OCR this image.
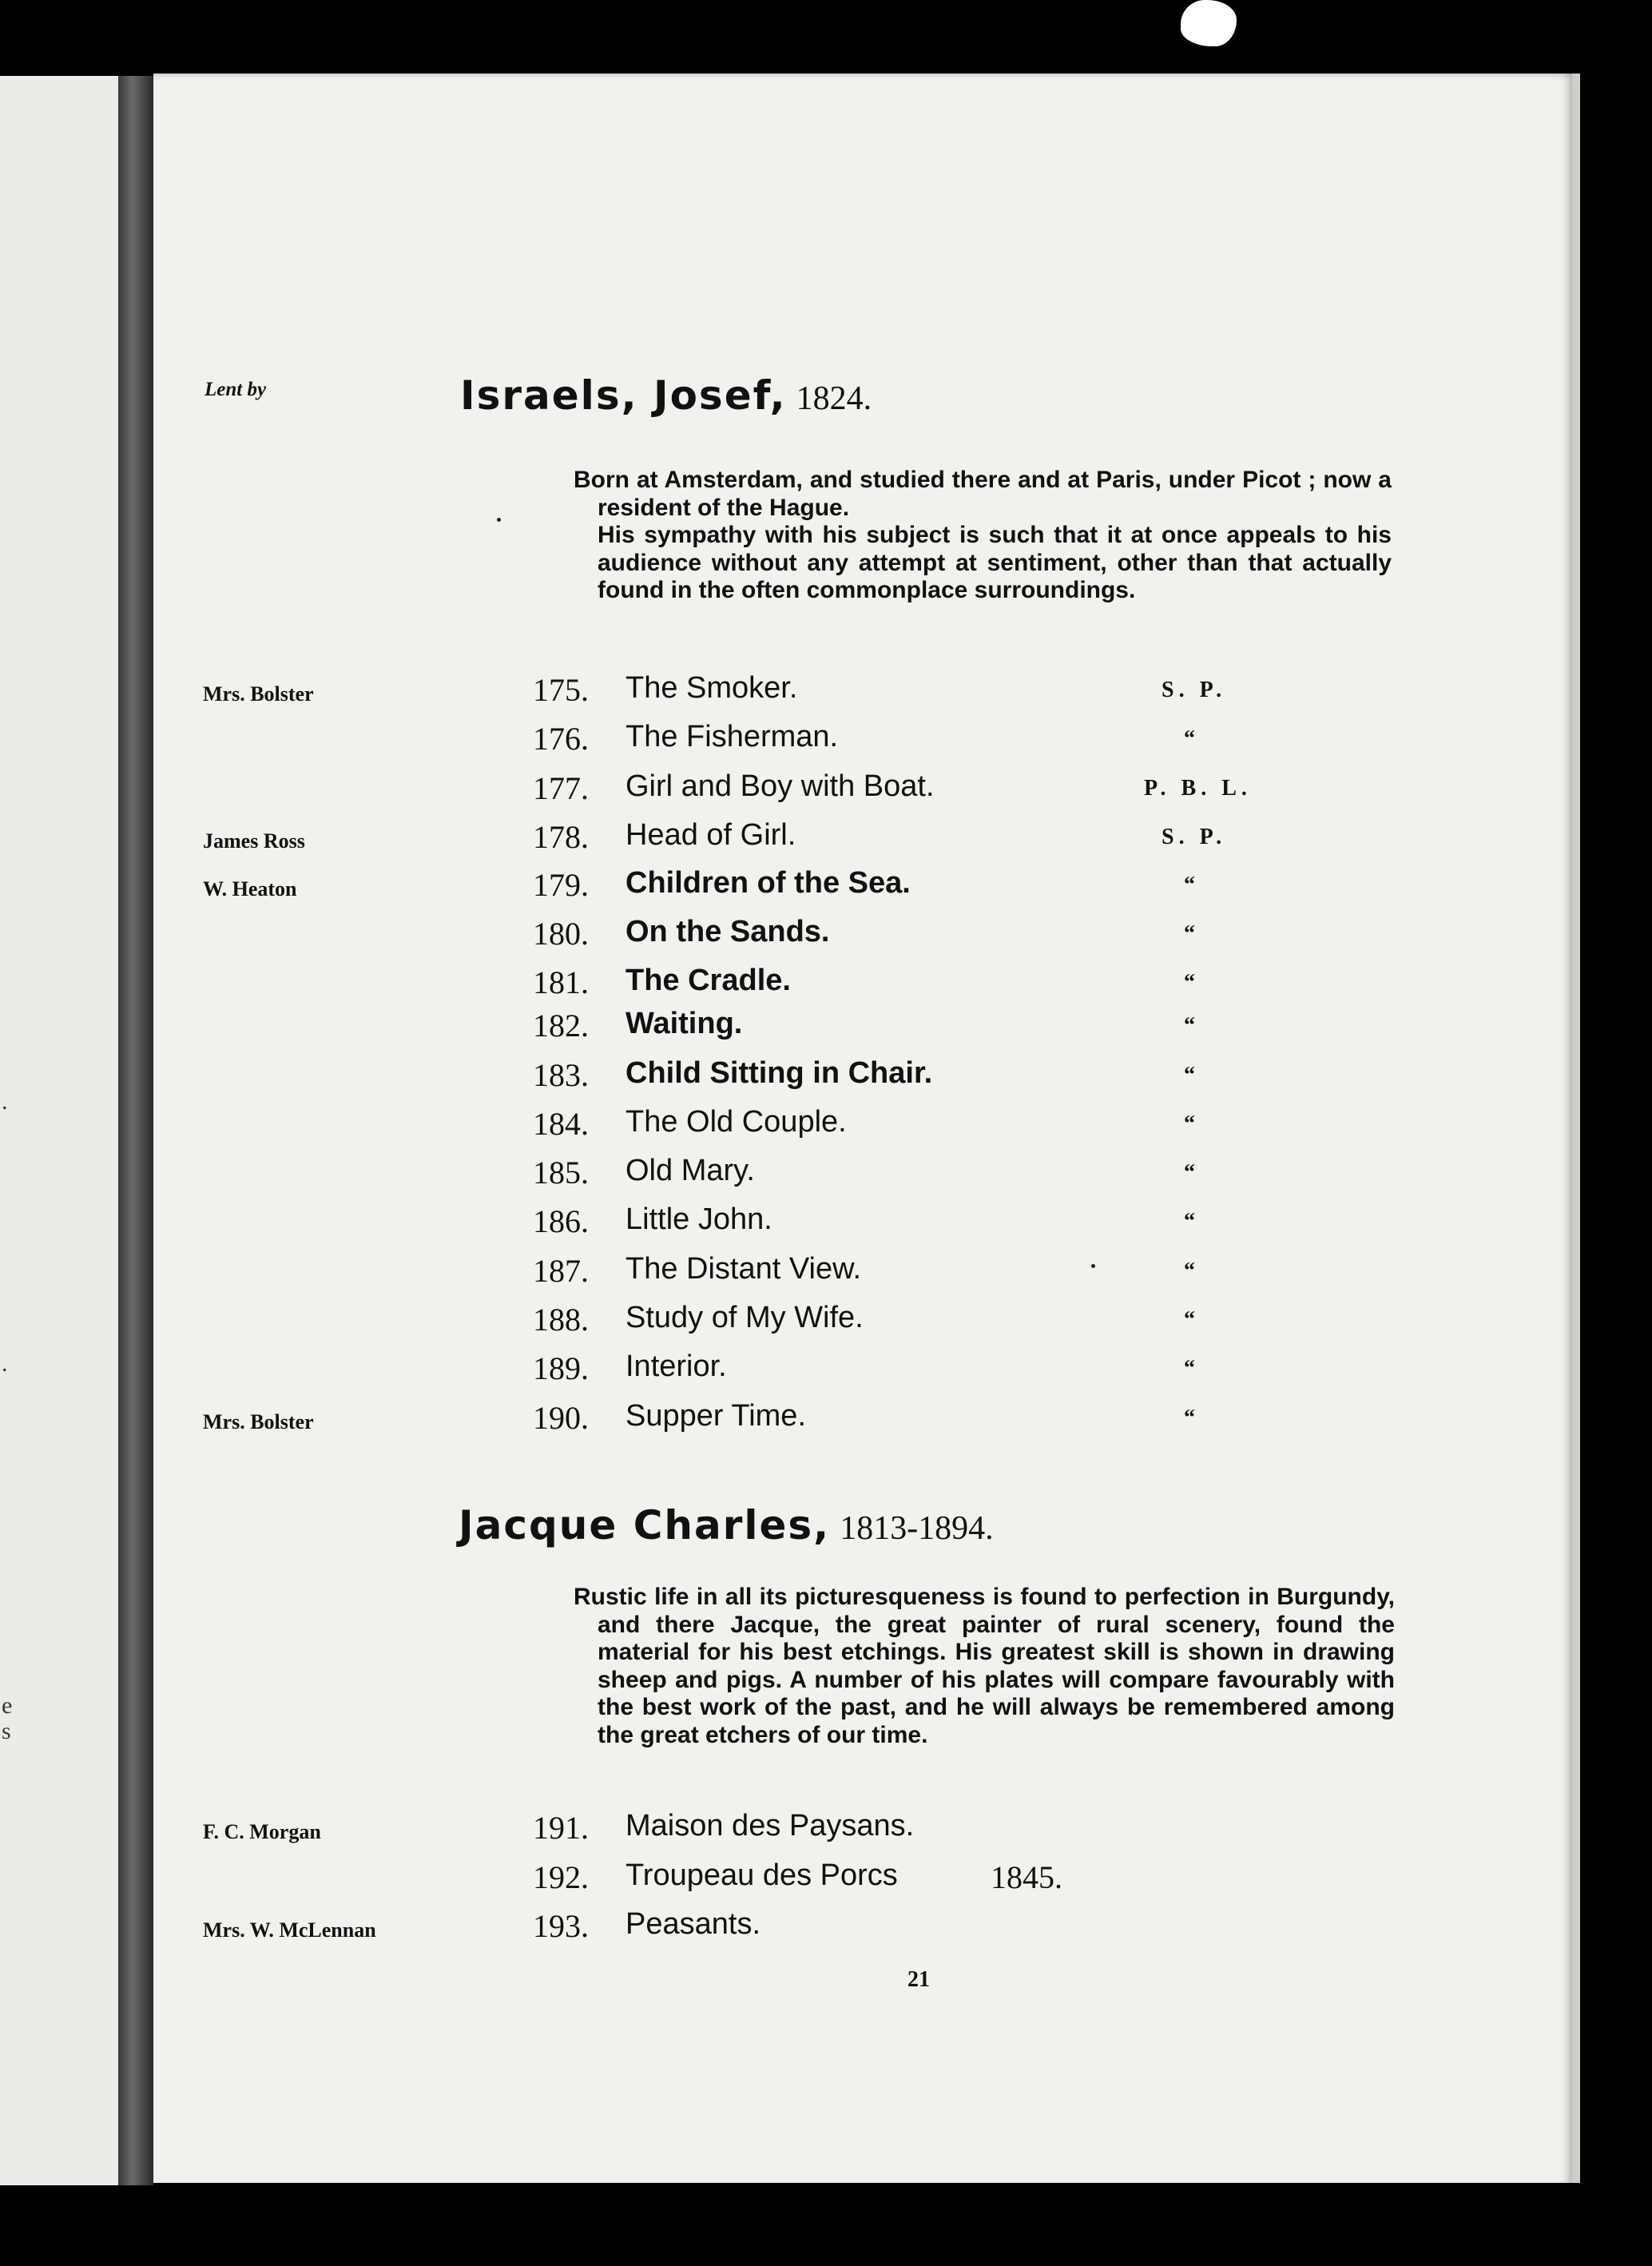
.
.
e
s
Lent by	Israels, Josef, 1824.

Born at Amsterdam, and studied there and at Paris, under Picot ; now a resident of the Hague.

His sympathy with his subject is such that it at once appeals to his audience without any attempt at sentiment, other than that actually found in the often commonplace surroundings.

Mrs. Bolster	175. The Smoker.	S. P.
176. The Fisherman.	“
177. Girl and Boy with Boat.	P. B. L.
James Ross	178. Head of Girl.	S. P.
W. Heaton	179. Children of the Sea.	“
180. On the Sands.	“
181. The Cradle.	“
182. Waiting.	“
183. Child Sitting in Chair.	“
184. The Old Couple.	“
185. Old Mary.	“
186. Little John.	“
187. The Distant View.	“
188. Study of My Wife.	“
189. Interior.	“
Mrs. Bolster	190. Supper Time.	“
Jacque Charles, 1813-1894.

Rustic life in all its picturesqueness is found to perfection in Burgundy, and there Jacque, the great painter of rural scenery, found the material for his best etchings. His greatest skill is shown in drawing sheep and pigs. A number of his plates will compare favourably with the best work of the past, and he will always be remembered among the great etchers of our time.

F. C. Morgan	191. Maison des Paysans.
192. Troupeau des Porcs	1845.
Mrs. W. McLennan	193. Peasants.
21
